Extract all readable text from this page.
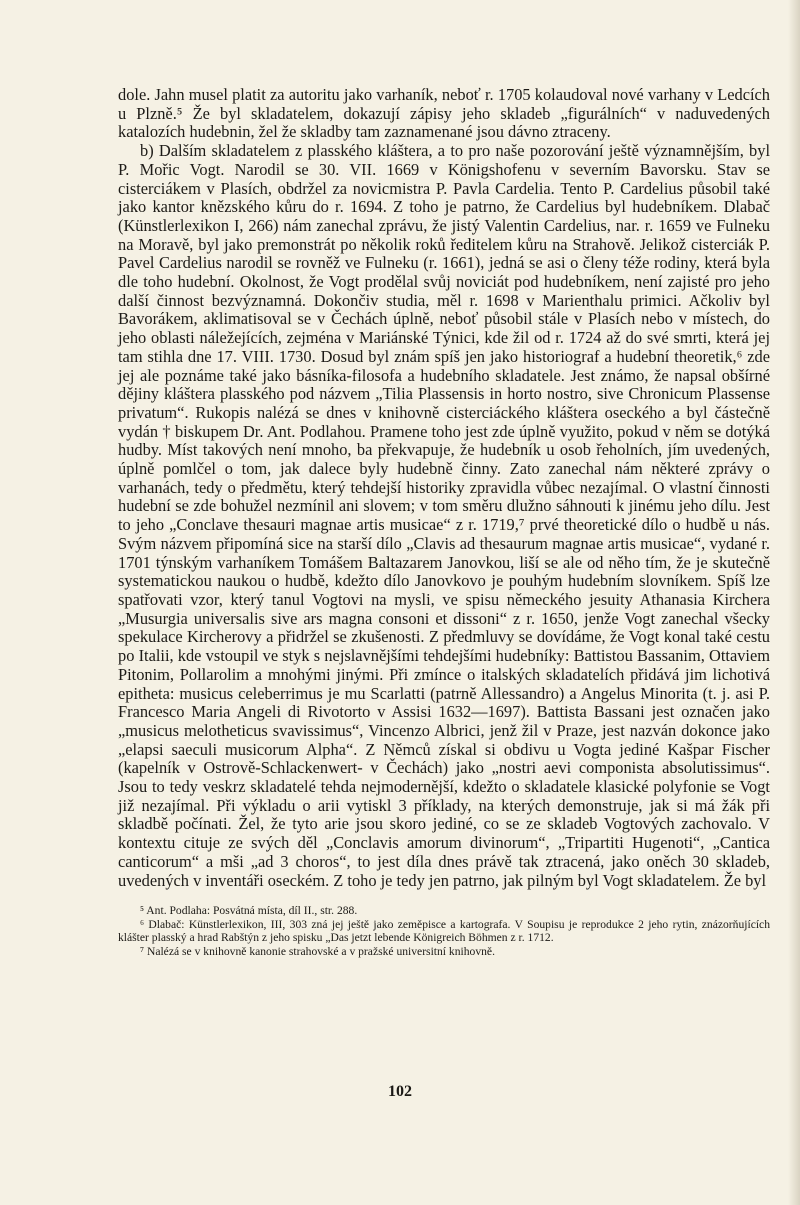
dole. Jahn musel platit za autoritu jako varhaník, neboť r. 1705 kolaudoval nové varhany v Ledcích u Plzně.⁵ Že byl skladatelem, dokazují zápisy jeho skladeb „figurálních“ v naduvedených katalozích hudebnin, žel že skladby tam zaznamenané jsou dávno ztraceny.

b) Dalším skladatelem z plasského kláštera, a to pro naše pozorování ještě významnějším, byl P. Mořic Vogt. Narodil se 30. VII. 1669 v Königshofenu v severním Bavorsku. Stav se cisterciákem v Plasích, obdržel za novicmistra P. Pavla Cardelia. Tento P. Cardelius působil také jako kantor knězského kůru do r. 1694. Z toho je patrno, že Cardelius byl hudebníkem. Dlabač (Künstlerlexikon I, 266) nám zanechal zprávu, že jistý Valentin Cardelius, nar. r. 1659 ve Fulneku na Moravě, byl jako premonstrát po několik roků ředitelem kůru na Strahově. Jelikož cisterciák P. Pavel Cardelius narodil se rovněž ve Fulneku (r. 1661), jedná se asi o členy téže rodiny, která byla dle toho hudební. Okolnost, že Vogt prodělal svůj noviciát pod hudebníkem, není zajisté pro jeho další činnost bezvýznamná. Dokončiv studia, měl r. 1698 v Marienthalu primici. Ačkoliv byl Bavorákem, aklimatisoval se v Čechách úplně, neboť působil stále v Plasích nebo v místech, do jeho oblasti náležejících, zejména v Mariánské Týnici, kde žil od r. 1724 až do své smrti, která jej tam stihla dne 17. VIII. 1730. Dosud byl znám spíš jen jako historiograf a hudební theoretik,⁶ zde jej ale poznáme také jako básníka-filosofa a hudebního skladatele. Jest známo, že napsal obšírné dějiny kláštera plasského pod názvem „Tilia Plassensis in horto nostro, sive Chronicum Plassense privatum“. Rukopis nalézá se dnes v knihovně cisterciáckého kláštera oseckého a byl částečně vydán † biskupem Dr. Ant. Podlahou. Pramene toho jest zde úplně využito, pokud v něm se dotýká hudby. Míst takových není mnoho, ba překvapuje, že hudebník u osob řeholních, jím uvedených, úplně pomlčel o tom, jak dalece byly hudebně činny. Zato zanechal nám některé zprávy o varhanách, tedy o předmětu, který tehdejší historiky zpravidla vůbec nezajímal. O vlastní činnosti hudební se zde bohužel nezmínil ani slovem; v tom směru dlužno sáhnouti k jinému jeho dílu. Jest to jeho „Conclave thesauri magnae artis musicae“ z r. 1719,⁷ prvé theoretické dílo o hudbě u nás. Svým názvem připomíná sice na starší dílo „Clavis ad thesaurum magnae artis musicae“, vydané r. 1701 týnským varhaníkem Tomášem Baltazarem Janovkou, liší se ale od něho tím, že je skutečně systematickou naukou o hudbě, kdežto dílo Janovkovo je pouhým hudebním slovníkem. Spíš lze spatřovati vzor, který tanul Vogtovi na mysli, ve spisu německého jesuity Athanasia Kirchera „Musurgia universalis sive ars magna consoni et dissoni“ z r. 1650, jenže Vogt zanechal všecky spekulace Kircherovy a přidržel se zkušenosti. Z předmluvy se dovídáme, že Vogt konal také cestu po Italii, kde vstoupil ve styk s nejslavnějšími tehdejšími hudebníky: Battistou Bassanim, Ottaviem Pitonim, Pollarolim a mnohými jinými. Při zmínce o italských skladatelích přidává jim lichotivá epitheta: musicus celeberrimus je mu Scarlatti (patrně Allessandro) a Angelus Minorita (t. j. asi P. Francesco Maria Angeli di Rivotorto v Assisi 1632—1697). Battista Bassani jest označen jako „musicus melotheticus svavissimus“, Vincenzo Albrici, jenž žil v Praze, jest nazván dokonce jako „elapsi saeculi musicorum Alpha“. Z Němců získal si obdivu u Vogta jediné Kašpar Fischer (kapelník v Ostrově-Schlackenwert- v Čechách) jako „nostri aevi componista absolutissimus“. Jsou to tedy veskrz skladatelé tehda nejmodernější, kdežto o skladatele klasické polyfonie se Vogt již nezajímal. Při výkladu o arii vytiskl 3 příklady, na kterých demonstruje, jak si má žák při skladbě počínati. Žel, že tyto arie jsou skoro jediné, co se ze skladeb Vogtových zachovalo. V kontextu cituje ze svých děl „Conclavis amorum divinorum“, „Tripartiti Hugenoti“, „Cantica canticorum“ a mši „ad 3 choros“, to jest díla dnes právě tak ztracená, jako oněch 30 skladeb, uvedených v inventáři oseckém. Z toho je tedy jen patrno, jak pilným byl Vogt skladatelem. Že byl

⁵ Ant. Podlaha: Posvátná místa, díl II., str. 288.

⁶ Dlabač: Künstlerlexikon, III, 303 zná jej ještě jako zeměpisce a kartografa. V Soupisu je reprodukce 2 jeho rytin, znázorňujících klášter plasský a hrad Rabštýn z jeho spisku „Das jetzt lebende Königreich Böhmen z r. 1712.

⁷ Nalézá se v knihovně kanonie strahovské a v pražské universitní knihovně.

102
